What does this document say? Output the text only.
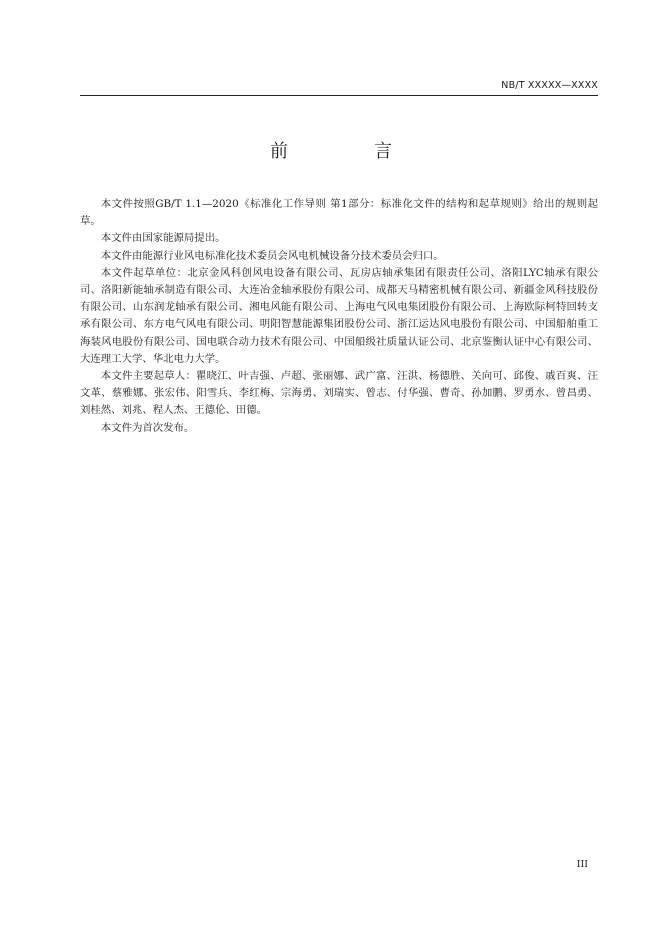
NB/T XXXXX—XXXX
前　言

本文件按照GB/T 1.1—2020《标准化工作导则 第1部分：标准化文件的结构和起草规则》给出的规则起草。

本文件由国家能源局提出。

本文件由能源行业风电标准化技术委员会风电机械设备分技术委员会归口。

本文件起草单位：北京金风科创风电设备有限公司、瓦房店轴承集团有限责任公司、洛阳LYC轴承有限公司、洛阳新能轴承制造有限公司、大连冶金轴承股份有限公司、成都天马精密机械有限公司、新疆金风科技股份有限公司、山东润龙轴承有限公司、湘电风能有限公司、上海电气风电集团股份有限公司、上海欧际柯特回转支承有限公司、东方电气风电有限公司、明阳智慧能源集团股份公司、浙江运达风电股份有限公司、中国船舶重工海装风电股份有限公司、国电联合动力技术有限公司、中国船级社质量认证公司、北京鉴衡认证中心有限公司、大连理工大学、华北电力大学。

本文件主要起草人：瞿晓江、叶吉强、卢超、张丽娜、武广富、汪洪、杨德胜、关向可、邱俊、戚百爽、汪文革、蔡雅娜、张宏伟、阳雪兵、李红梅、宗海勇、刘瑞实、曾志、付华强、曹奇、孙加鹏、罗勇水、曾昌勇、刘桂然、刘兆、程人杰、王德伦、田德。

本文件为首次发布。

III
